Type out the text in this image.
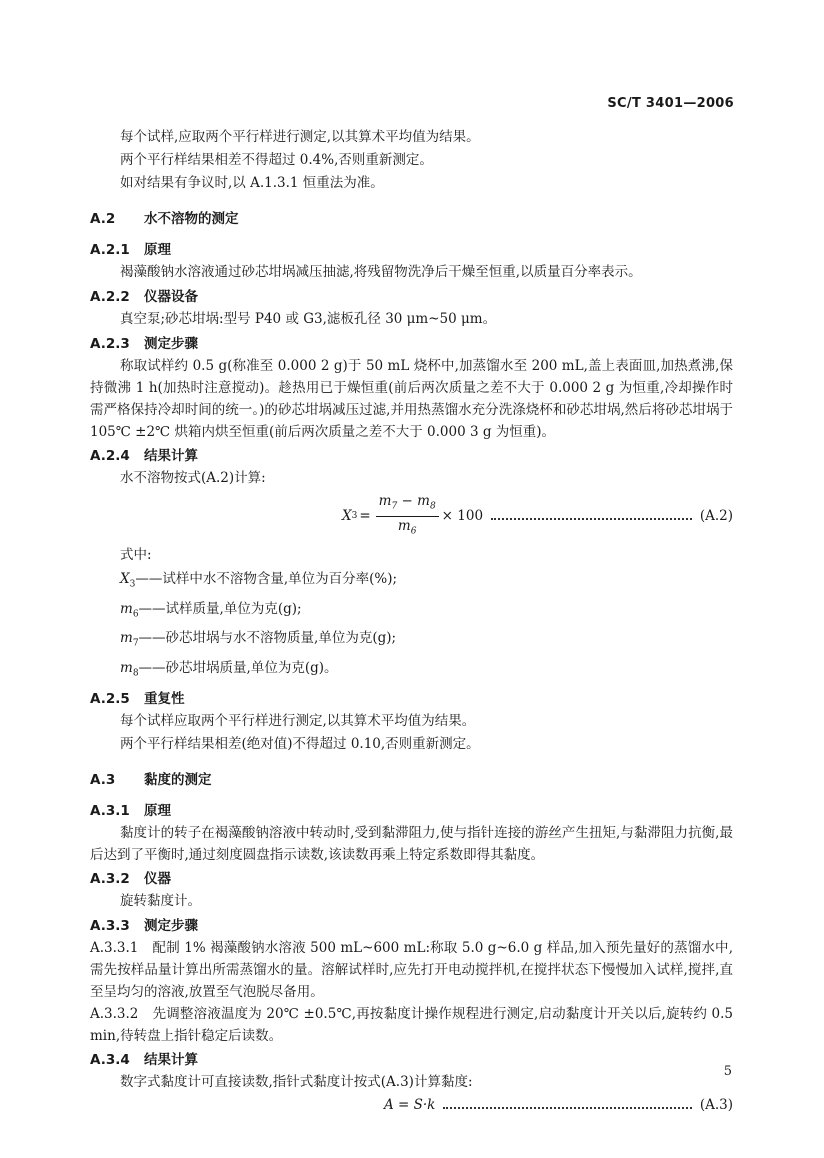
SC/T 3401—2006

每个试样,应取两个平行样进行测定,以其算术平均值为结果。

两个平行样结果相差不得超过 0.4%,否则重新测定。

如对结果有争议时,以 A.1.3.1 恒重法为准。

A.2 水不溶物的测定
A.2.1 原理

褐藻酸钠水溶液通过砂芯坩埚减压抽滤,将残留物洗净后干燥至恒重,以质量百分率表示。

A.2.2 仪器设备

真空泵;砂芯坩埚:型号 P40 或 G3,滤板孔径 30 μm~50 μm。

A.2.3 测定步骤

称取试样约 0.5 g(称准至 0.000 2 g)于 50 mL 烧杯中,加蒸馏水至 200 mL,盖上表面皿,加热煮沸,保持微沸 1 h(加热时注意搅动)。趁热用已于燥恒重(前后两次质量之差不大于 0.000 2 g 为恒重,冷却操作时需严格保持冷却时间的统一。)的砂芯坩埚减压过滤,并用热蒸馏水充分洗涤烧杯和砂芯坩埚,然后将砂芯坩埚于 105℃ ±2℃ 烘箱内烘至恒重(前后两次质量之差不大于 0.000 3 g 为恒重)。

A.2.4 结果计算

水不溶物按式(A.2)计算:

X $3 = \frac{m_7 - m_8}{m_6} \times 100$	(A.2)

式中:

$X_3——$试样中水不溶物含量,单位为百分率(%);

$m_6——$试样质量,单位为克(g);

$m_7——$砂芯坩埚与水不溶物质量,单位为克(g);

$m_8——$砂芯坩埚质量,单位为克(g)。

A.2.5 重复性

每个试样应取两个平行样进行测定,以其算术平均值为结果。

两个平行样结果相差(绝对值)不得超过 0.10,否则重新测定。

A.3 黏度的测定
A.3.1 原理

黏度计的转子在褐藻酸钠溶液中转动时,受到黏滞阻力,使与指针连接的游丝产生扭矩,与黏滞阻力抗衡,最后达到了平衡时,通过刻度圆盘指示读数,该读数再乘上特定系数即得其黏度。

A.3.2 仪器

旋转黏度计。

A.3.3 测定步骤

A.3.3.1 配制 1% 褐藻酸钠水溶液 500 mL~600 mL:称取 5.0 g~6.0 g 样品,加入预先量好的蒸馏水中,需先按样品量计算出所需蒸馏水的量。溶解试样时,应先打开电动搅拌机,在搅拌状态下慢慢加入试样,搅拌,直至呈均匀的溶液,放置至气泡脱尽备用。

A.3.3.2 先调整溶液温度为 20℃ ±0.5℃,再按黏度计操作规程进行测定,启动黏度计开关以后,旋转约 0.5 min,待转盘上指针稳定后读数。

A.3.4 结果计算

数字式黏度计可直接读数,指针式黏度计按式(A.3)计算黏度:

A = S·k	(A.3)
5
